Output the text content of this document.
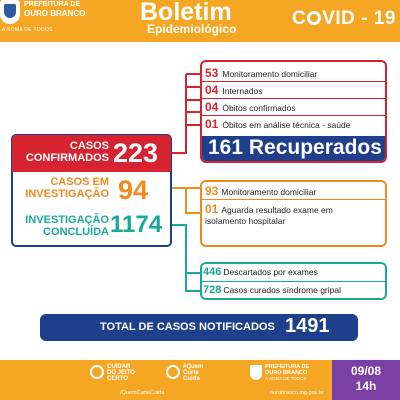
PREFEITURA DE
OURO BRANCO
A SOMA DE TODOS
Boletim
Epidemiológico	C VID - 19
CASOS
CONFIRMADOS 223
CASOS EM
INVESTIGAÇÃO 94
INVESTIGAÇÃO
CONCLUÍDA 1174
53 Monitoramento domiciliar
04 Internados
04 Óbitos confirmados
01 Óbitos em análise técnica - saúde
161 Recuperados
93 Monitoramento domiciliar
01 Aguarda resultado exame em
isolamento hospitalar
446 Descartados por exames
728 Casos curados síndrome gripal
TOTAL DE CASOS NOTIFICADOS 1491
CUIDAR
DO JEITO
CERTO
#Quem
Curte
Cuida
PREFEITURA DE
OURO BRANCO
A SOMA DE TODOS
/QuemCurteCuida	ourobranco.mg.gov.br
09/08
14h
